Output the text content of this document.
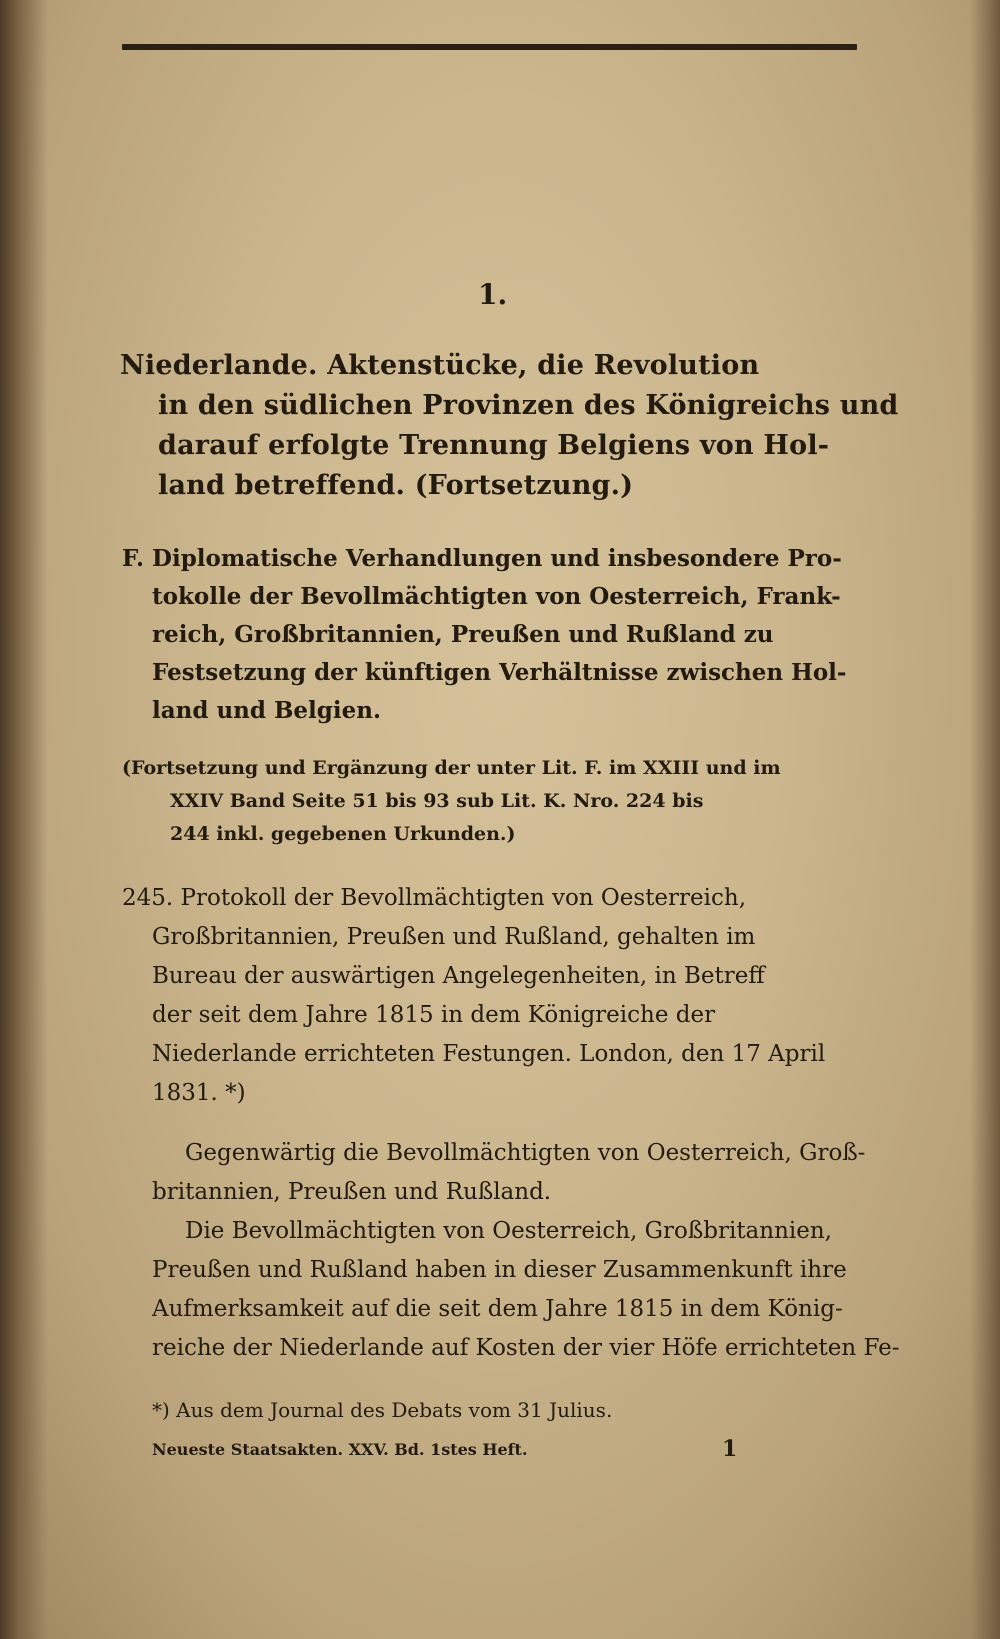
1.
Niederlande. Aktenstücke, die Revolution
in den südlichen Provinzen des Königreichs und
darauf erfolgte Trennung Belgiens von Hol-
land betreffend. (Fortsetzung.)
F. Diplomatische Verhandlungen und insbesondere Pro-
tokolle der Bevollmächtigten von Oesterreich, Frank-
reich, Großbritannien, Preußen und Rußland zu
Festsetzung der künftigen Verhältnisse zwischen Hol-
land und Belgien.
(Fortsetzung und Ergänzung der unter Lit. F. im XXIII und im
XXIV Band Seite 51 bis 93 sub Lit. K. Nro. 224 bis
244 inkl. gegebenen Urkunden.)
245. Protokoll der Bevollmächtigten von Oesterreich,
Großbritannien, Preußen und Rußland, gehalten im
Bureau der auswärtigen Angelegenheiten, in Betreff
der seit dem Jahre 1815 in dem Königreiche der
Niederlande errichteten Festungen. London, den 17 April
1831. *)
Gegenwärtig die Bevollmächtigten von Oesterreich, Groß-
britannien, Preußen und Rußland.
Die Bevollmächtigten von Oesterreich, Großbritannien,
Preußen und Rußland haben in dieser Zusammenkunft ihre
Aufmerksamkeit auf die seit dem Jahre 1815 in dem König-
reiche der Niederlande auf Kosten der vier Höfe errichteten Fe-
*) Aus dem Journal des Debats vom 31 Julius.
Neueste Staatsakten. XXV. Bd. 1stes Heft.	1
